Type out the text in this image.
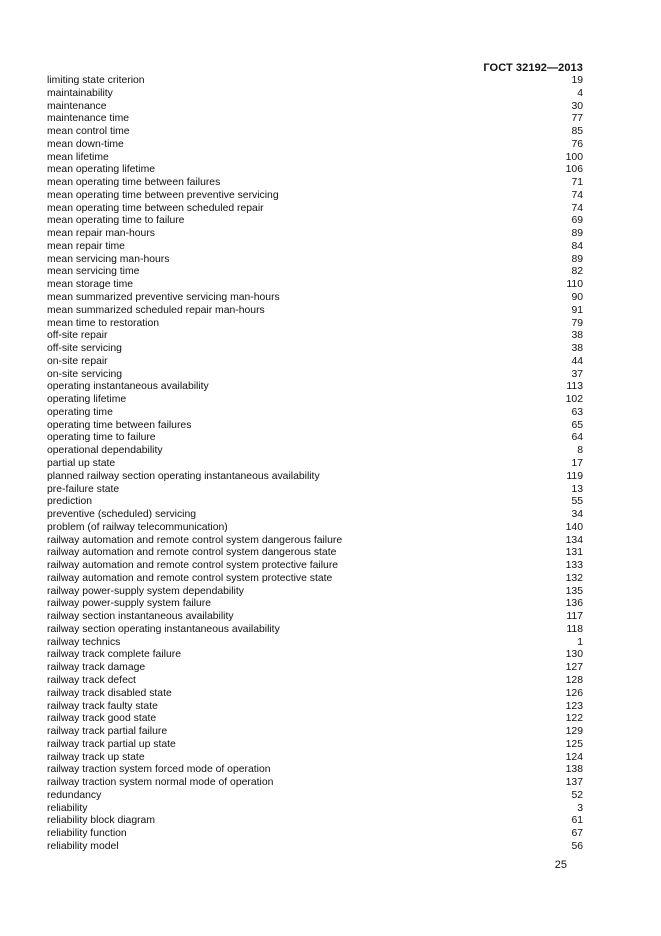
ГОСТ 32192—2013
limiting state criterion	19
maintainability	4
maintenance	30
maintenance time	77
mean control time	85
mean down-time	76
mean lifetime	100
mean operating lifetime	106
mean operating time between failures	71
mean operating time between preventive servicing	74
mean operating time between scheduled repair	74
mean operating time to failure	69
mean repair man-hours	89
mean repair time	84
mean servicing man-hours	89
mean servicing time	82
mean storage time	110
mean summarized preventive servicing man-hours	90
mean summarized scheduled repair man-hours	91
mean time to restoration	79
off-site repair	38
off-site servicing	38
on-site repair	44
on-site servicing	37
operating instantaneous availability	113
operating lifetime	102
operating time	63
operating time between failures	65
operating time to failure	64
operational dependability	8
partial up state	17
planned railway section operating instantaneous availability	119
pre-failure state	13
prediction	55
preventive (scheduled) servicing	34
problem (of railway telecommunication)	140
railway automation and remote control system dangerous failure	134
railway automation and remote control system dangerous state	131
railway automation and remote control system protective failure	133
railway automation and remote control system protective state	132
railway power-supply system dependability	135
railway power-supply system failure	136
railway section instantaneous availability	117
railway section operating instantaneous availability	118
railway technics	1
railway track complete failure	130
railway track damage	127
railway track defect	128
railway track disabled state	126
railway track faulty state	123
railway track good state	122
railway track partial failure	129
railway track partial up state	125
railway track up state	124
railway traction system forced mode of operation	138
railway traction system normal mode of operation	137
redundancy	52
reliability	3
reliability block diagram	61
reliability function	67
reliability model	56
25
